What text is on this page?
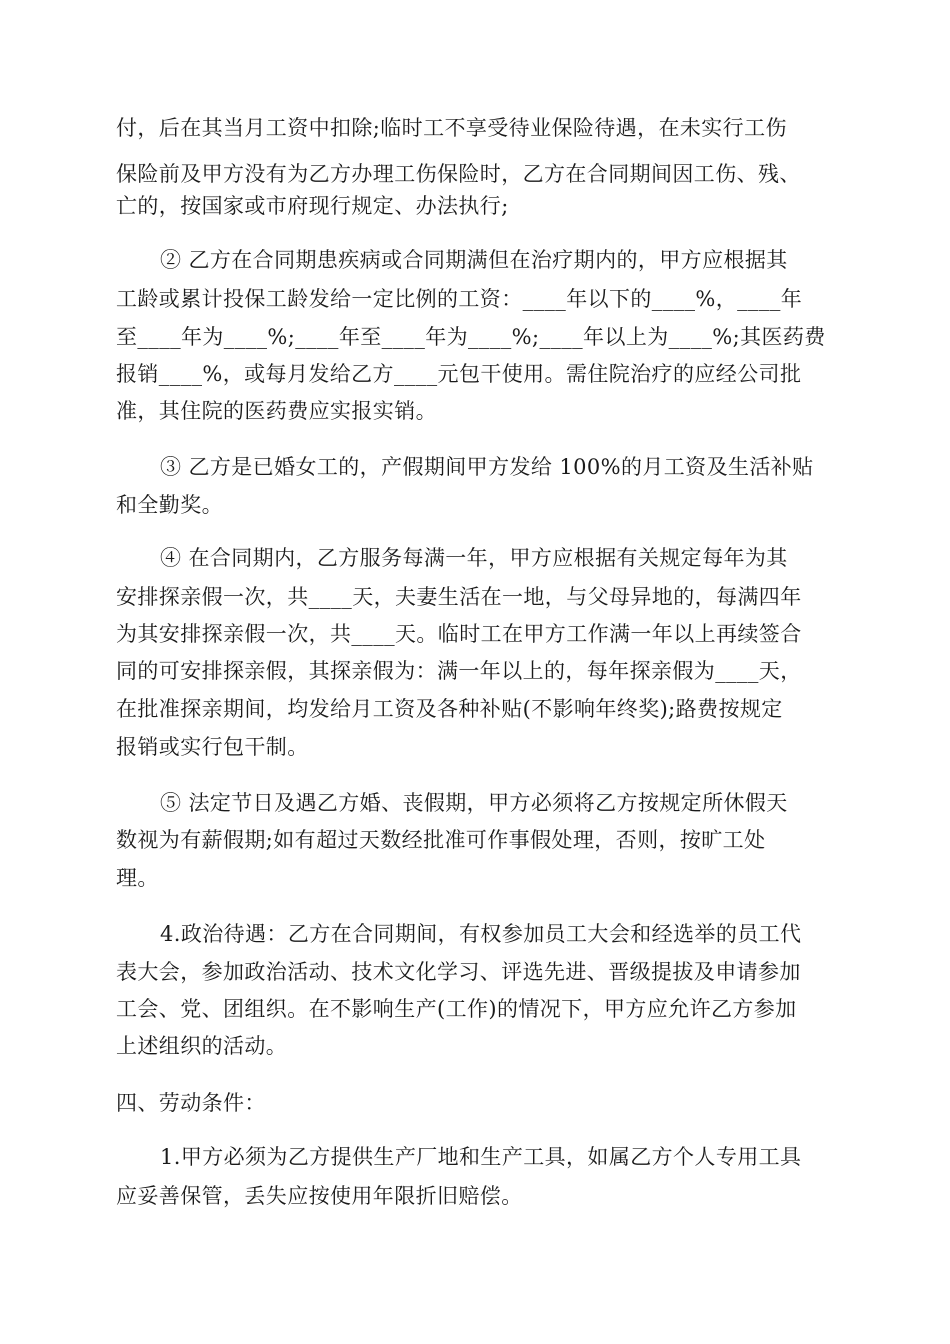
付，后在其当月工资中扣除;临时工不享受待业保险待遇，在未实行工伤
保险前及甲方没有为乙方办理工伤保险时，乙方在合同期间因工伤、残、
亡的，按国家或市府现行规定、办法执行;
② 乙方在合同期患疾病或合同期满但在治疗期内的，甲方应根据其
工龄或累计投保工龄发给一定比例的工资：____年以下的____%，____年
至____年为____%;____年至____年为____%;____年以上为____%;其医药费
报销____%，或每月发给乙方____元包干使用。需住院治疗的应经公司批
准，其住院的医药费应实报实销。
③ 乙方是已婚女工的，产假期间甲方发给 100%的月工资及生活补贴
和全勤奖。
④ 在合同期内，乙方服务每满一年，甲方应根据有关规定每年为其
安排探亲假一次，共____天，夫妻生活在一地，与父母异地的，每满四年
为其安排探亲假一次，共____天。临时工在甲方工作满一年以上再续签合
同的可安排探亲假，其探亲假为：满一年以上的，每年探亲假为____天，
在批准探亲期间，均发给月工资及各种补贴(不影响年终奖);路费按规定
报销或实行包干制。
⑤ 法定节日及遇乙方婚、丧假期，甲方必须将乙方按规定所休假天
数视为有薪假期;如有超过天数经批准可作事假处理，否则，按旷工处
理。
4.政治待遇：乙方在合同期间，有权参加员工大会和经选举的员工代
表大会，参加政治活动、技术文化学习、评选先进、晋级提拔及申请参加
工会、党、团组织。在不影响生产(工作)的情况下，甲方应允许乙方参加
上述组织的活动。
四、劳动条件：
1.甲方必须为乙方提供生产厂地和生产工具，如属乙方个人专用工具
应妥善保管，丢失应按使用年限折旧赔偿。
